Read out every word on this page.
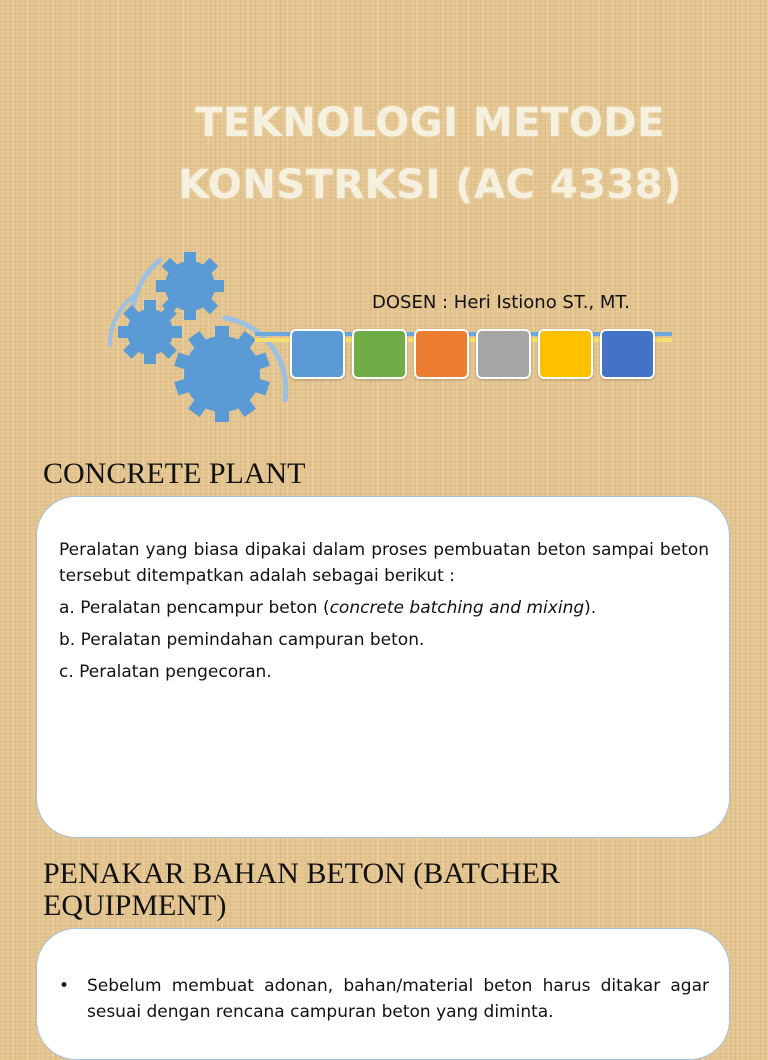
TEKNOLOGI METODE
KONSTRKSI (AC 4338)
DOSEN : Heri Istiono ST., MT.
CONCRETE PLANT

Peralatan yang biasa dipakai dalam proses pembuatan beton sampai beton tersebut ditempatkan adalah sebagai berikut :

a. Peralatan pencampur beton (concrete batching and mixing).

b. Peralatan pemindahan campuran beton.

c. Peralatan pengecoran.

PENAKAR BAHAN BETON (BATCHER
EQUIPMENT)
•	Sebelum membuat adonan, bahan/material beton harus ditakar agar sesuai dengan rencana campuran beton yang diminta.
